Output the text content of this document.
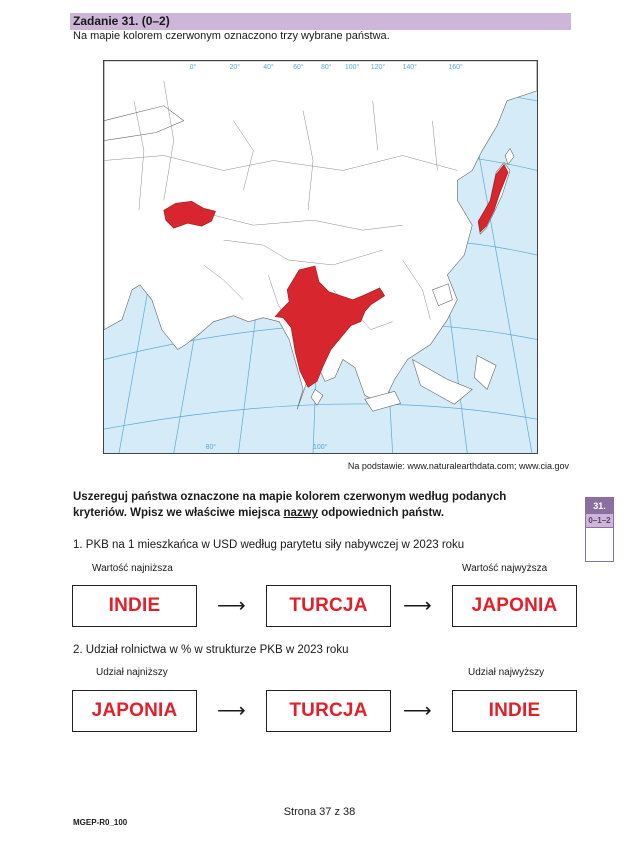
Zadanie 31. (0–2)
Na mapie kolorem czerwonym oznaczono trzy wybrane państwa.
0°	20°	40°	60° 80° 100° 120° 140°	160°
80°	100°
Na podstawie: www.naturalearthdata.com; www.cia.gov
Uszereguj państwa oznaczone na mapie kolorem czerwonym według podanych kryteriów. Wpisz we właściwe miejsca nazwy odpowiednich państw.
31.
0–1–2
1. PKB na 1 mieszkańca w USD według parytetu siły nabywczej w 2023 roku
Wartość najniższa	Wartość najwyższa
INDIE	⟶ TURCJA ⟶ JAPONIA
2. Udział rolnictwa w % w strukturze PKB w 2023 roku
Udział najniższy	Udział najwyższy
JAPONIA ⟶ TURCJA ⟶	INDIE
Strona 37 z 38
MGEP-R0_100
